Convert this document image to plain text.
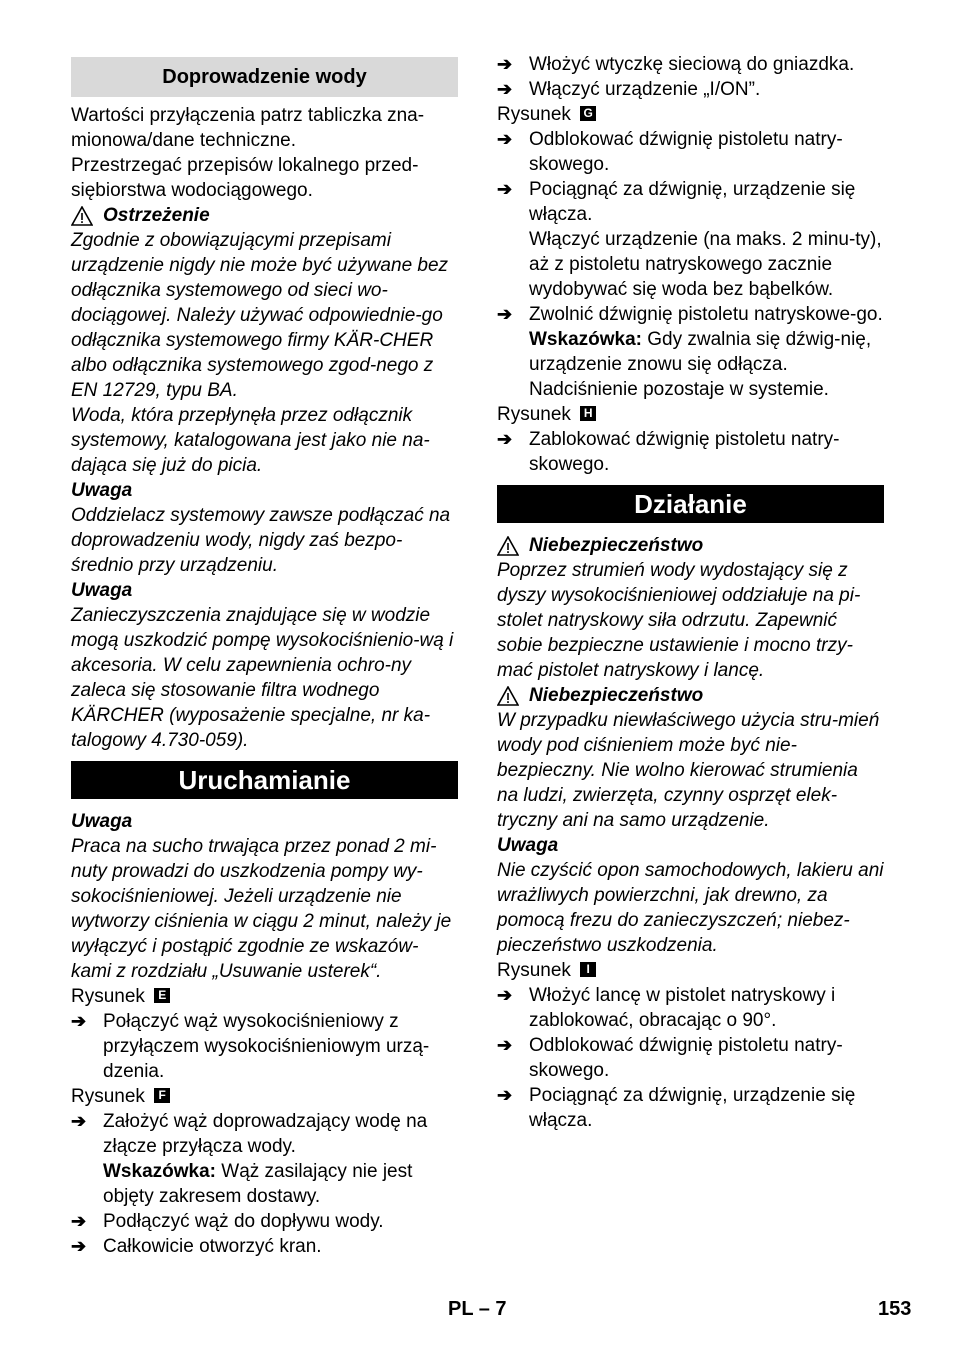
Doprowadzenie wody

Wartości przyłączenia patrz tabliczka zna-mionowa/dane techniczne.

Przestrzegać przepisów lokalnego przed-siębiorstwa wodociągowego.

Ostrzeżenie

Zgodnie z obowiązującymi przepisami urządzenie nigdy nie może być używane bez odłącznika systemowego od sieci wo-dociągowej. Należy używać odpowiednie-go odłącznika systemowego firmy KÄR-CHER albo odłącznika systemowego zgod-nego z EN 12729, typu BA.

Woda, która przepłynęła przez odłącznik systemowy, katalogowana jest jako nie na-dająca się już do picia.

Uwaga

Oddzielacz systemowy zawsze podłączać na doprowadzeniu wody, nigdy zaś bezpo-średnio przy urządzeniu.

Uwaga

Zanieczyszczenia znajdujące się w wodzie mogą uszkodzić pompę wysokociśnienio-wą i akcesoria. W celu zapewnienia ochro-ny zaleca się stosowanie filtra wodnego KÄRCHER (wyposażenie specjalne, nr ka-talogowy 4.730-059).

Uruchamianie

Uwaga

Praca na sucho trwająca przez ponad 2 mi-nuty prowadzi do uszkodzenia pompy wy-sokociśnieniowej. Jeżeli urządzenie nie wytworzy ciśnienia w ciągu 2 minut, należy je wyłączyć i postąpić zgodnie ze wskazów-kami z rozdziału „Usuwanie usterek“.

Rysunek E

➔ Połączyć wąż wysokociśnieniowy z przyłączem wysokociśnieniowym urzą-dzenia.

Rysunek F

➔ Założyć wąż doprowadzający wodę na złącze przyłącza wody.

Wskazówka: Wąż zasilający nie jest objęty zakresem dostawy.

➔ Podłączyć wąż do dopływu wody.
➔ Całkowicie otworzyć kran.
➔ Włożyć wtyczkę sieciową do gniazdka.
➔ Włączyć urządzenie „I/ON”.

Rysunek G

➔ Odblokować dźwignię pistoletu natry-skowego.
➔ Pociągnąć za dźwignię, urządzenie się włącza.

Włączyć urządzenie (na maks. 2 minu-ty), aż z pistoletu natryskowego zacznie wydobywać się woda bez bąbelków.

➔ Zwolnić dźwignię pistoletu natryskowe-go.

Wskazówka: Gdy zwalnia się dźwig-nię, urządzenie znowu się odłącza. Nadciśnienie pozostaje w systemie.

Rysunek H

➔ Zablokować dźwignię pistoletu natry-skowego.
Działanie
Niebezpieczeństwo

Poprzez strumień wody wydostający się z dyszy wysokociśnieniowej oddziałuje na pi-stolet natryskowy siła odrzutu. Zapewnić sobie bezpieczne ustawienie i mocno trzy-mać pistolet natryskowy i lancę.

Niebezpieczeństwo

W przypadku niewłaściwego użycia stru-mień wody pod ciśnieniem może być nie-bezpieczny. Nie wolno kierować strumienia na ludzi, zwierzęta, czynny osprzęt elek-tryczny ani na samo urządzenie.

Uwaga

Nie czyścić opon samochodowych, lakieru ani wrażliwych powierzchni, jak drewno, za pomocą frezu do zanieczyszczeń; niebez-pieczeństwo uszkodzenia.

Rysunek I

➔ Włożyć lancę w pistolet natryskowy i zablokować, obracając o 90°.
➔ Odblokować dźwignię pistoletu natry-skowego.
➔ Pociągnąć za dźwignię, urządzenie się włącza.
PL – 7	153
